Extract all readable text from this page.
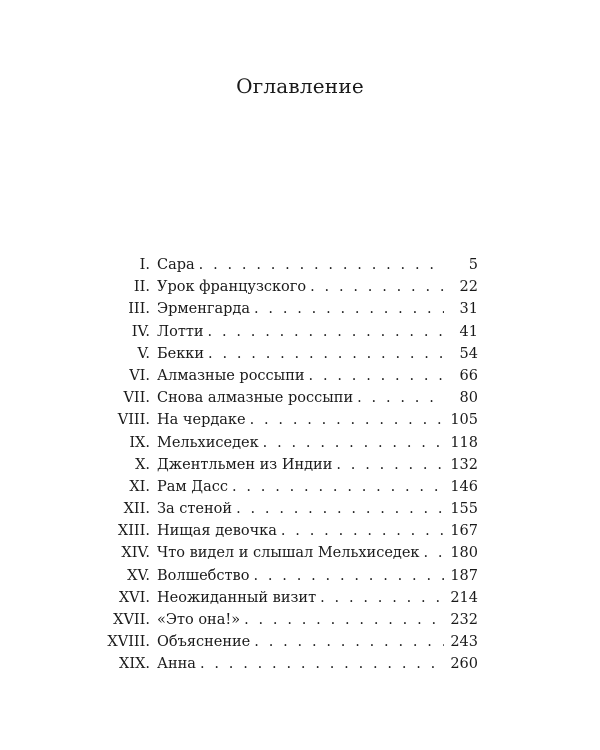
Оглавление
I. Сара . . .	5
II. Урок французского . . .	22
III. Эрменгарда . . .	31
IV. Лотти . . .	41
V. Бекки . . .	54
VI. Алмазные россыпи . . .	66
VII. Снова алмазные россыпи . . .	80
VIII. На чердаке . . .	105
IX. Мельхиседек . . .	118
X. Джентльмен из Индии . . .	132
XI. Рам Дасс . . .	146
XII. За стеной . . .	155
XIII. Нищая девочка . . .	167
XIV. Что видел и слышал Мельхиседек . . .	180
XV. Волшебство . . .	187
XVI. Неожиданный визит . . .	214
XVII. «Это она!» . . .	232
XVIII. Объяснение . . .	243
XIX. Анна . . .	260
